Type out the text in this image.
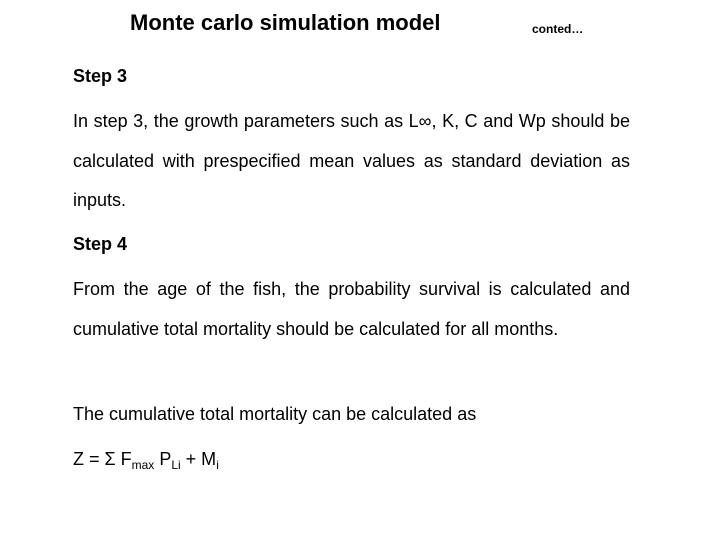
Monte carlo simulation model	conted…
Step 3
In step 3, the growth parameters such as L∞, K, C and Wp should be calculated with prespecified mean values as standard deviation as inputs.
Step 4
From the age of the fish, the probability survival is calculated and cumulative total mortality should be calculated for all months.
The cumulative total mortality can be calculated as
Z = Σ $F_{max}$ $P_{Li} + M_i$
